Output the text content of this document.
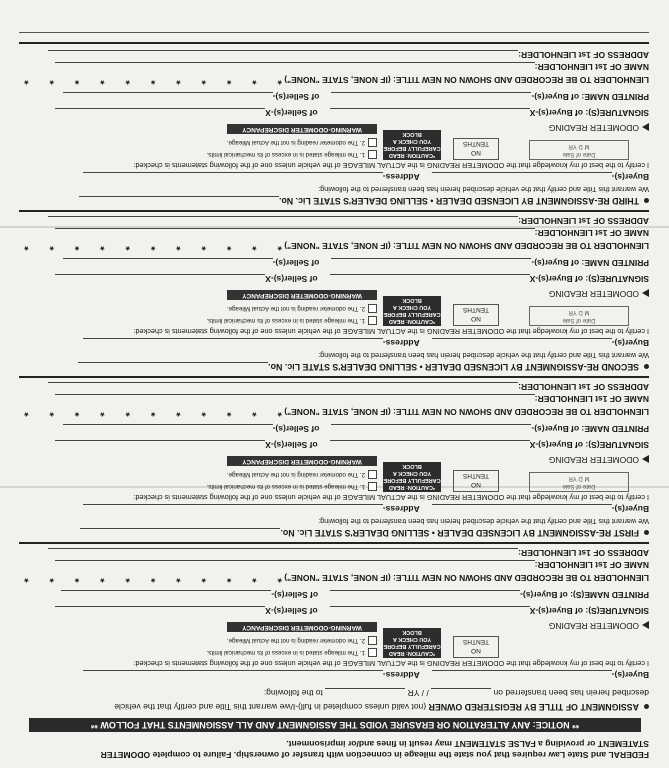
FEDERAL and State Law requires that you state the mileage in connection with transfer of ownership. Failure to complete ODOMETER
STATEMENT or providing a FALSE STATEMENT may result in fines and/or imprisonment.
** NOTICE: ANY ALTERATION OR ERASURE VOIDS THE ASSIGNMENT AND ALL ASSIGNMENTS THAT FOLLOW **
ASSIGNMENT OF TITLE BY REGISTERED OWNER (not valid unless completed in full)-I/we warrant this Title and certify that the vehicle
described herein has been transferred on  / / YR  to the following:
Buyer(s)-Address-
I certify to the best of my knowledge that the ODOMETER READING is the ACTUAL MILEAGE of the vehicle unless one of the following statements is checked:
NO
TENTHS
*CAUTION: READ CAREFULLY BEFORE YOU CHECK A BLOCK
1. The mileage stated is in excess of its mechanical limits.
2. The odometer reading is not the Actual Mileage.
WARNING-ODOMETER DISCREPANCY	ODOMETER READING
SIGNATURE(S): of Buyer(s)-Xof Seller(s)-X
PRINTED NAME(S): of Buyer(s)-of Seller(s)-
LIENHOLDER TO BE RECORDED AND SHOWN ON NEW TITLE: (IF NONE, STATE "NONE") * * * * * * * * * * *
NAME OF 1st LIENHOLDER:
ADDRESS OF 1st LIENHOLDER:
FIRST RE-ASSIGNMENT BY LICENSED DEALER • SELLING DEALER'S STATE Lic. No.
We warrant this Title and certify that the vehicle described herein has been transferred to the following:
Buyer(s)-Address-
I certify to the best of my knowledge that the ODOMETER READING is the ACTUAL MILEAGE of the vehicle unless one of the following statements is checked:
Date of Sale
M D YR
NO
TENTHS
*CAUTION: READ CAREFULLY BEFORE YOU CHECK A BLOCK
1. The mileage stated is in excess of its mechanical limits.
2. The odometer reading is not the Actual Mileage.
WARNING-ODOMETER DISCREPANCY	ODOMETER READING
SIGNATURE(S): of Buyer(s)-Xof Seller(s)-X
PRINTED NAME: of Buyer(s)-of Seller(s)-
LIENHOLDER TO BE RECORDED AND SHOWN ON NEW TITLE: (IF NONE, STATE "NONE") * * * * * * * * * * *
NAME OF 1st LIENHOLDER:
ADDRESS OF 1st LIENHOLDER:
SECOND RE-ASSIGNMENT BY LICENSED DEALER • SELLING DEALER'S STATE Lic. No.
We warrant this Title and certify that the vehicle described herein has been transferred to the following:
Buyer(s)-Address-
I certify to the best of my knowledge that the ODOMETER READING is the ACTUAL MILEAGE of the vehicle unless one of the following statements is checked:
Date of Sale
M D YR
NO
TENTHS
*CAUTION: READ CAREFULLY BEFORE YOU CHECK A BLOCK
1. The mileage stated is in excess of its mechanical limits.
2. The odometer reading is not the Actual Mileage.
WARNING-ODOMETER DISCREPANCY	ODOMETER READING
SIGNATURE(S): of Buyer(s)-Xof Seller(s)-X
PRINTED NAME: of Buyer(s)-of Seller(s)-
LIENHOLDER TO BE RECORDED AND SHOWN ON NEW TITLE: (IF NONE, STATE "NONE") * * * * * * * * * * *
NAME OF 1st LIENHOLDER:
ADDRESS OF 1st LIENHOLDER:
THIRD RE-ASSIGNMENT BY LICENSED DEALER • SELLING DEALER'S STATE Lic. No.
We warrant this Title and certify that the vehicle described herein has been transferred to the following:
Buyer(s)-Address-
I certify to the best of my knowledge that the ODOMETER READING is the ACTUAL MILEAGE of the vehicle unless one of the following statements is checked:
Date of Sale
M D YR
NO
TENTHS
*CAUTION: READ CAREFULLY BEFORE YOU CHECK A BLOCK
1. The mileage stated is in excess of its mechanical limits.
2. The odometer reading is not the Actual Mileage.
WARNING-ODOMETER DISCREPANCY	ODOMETER READING
SIGNATURE(S): of Buyer(s)-Xof Seller(s)-X
PRINTED NAME: of Buyer(s)-of Seller(s)-
LIENHOLDER TO BE RECORDED AND SHOWN ON NEW TITLE: (IF NONE, STATE "NONE") * * * * * * * * * * *
NAME OF 1st LIENHOLDER:
ADDRESS OF 1st LIENHOLDER:
